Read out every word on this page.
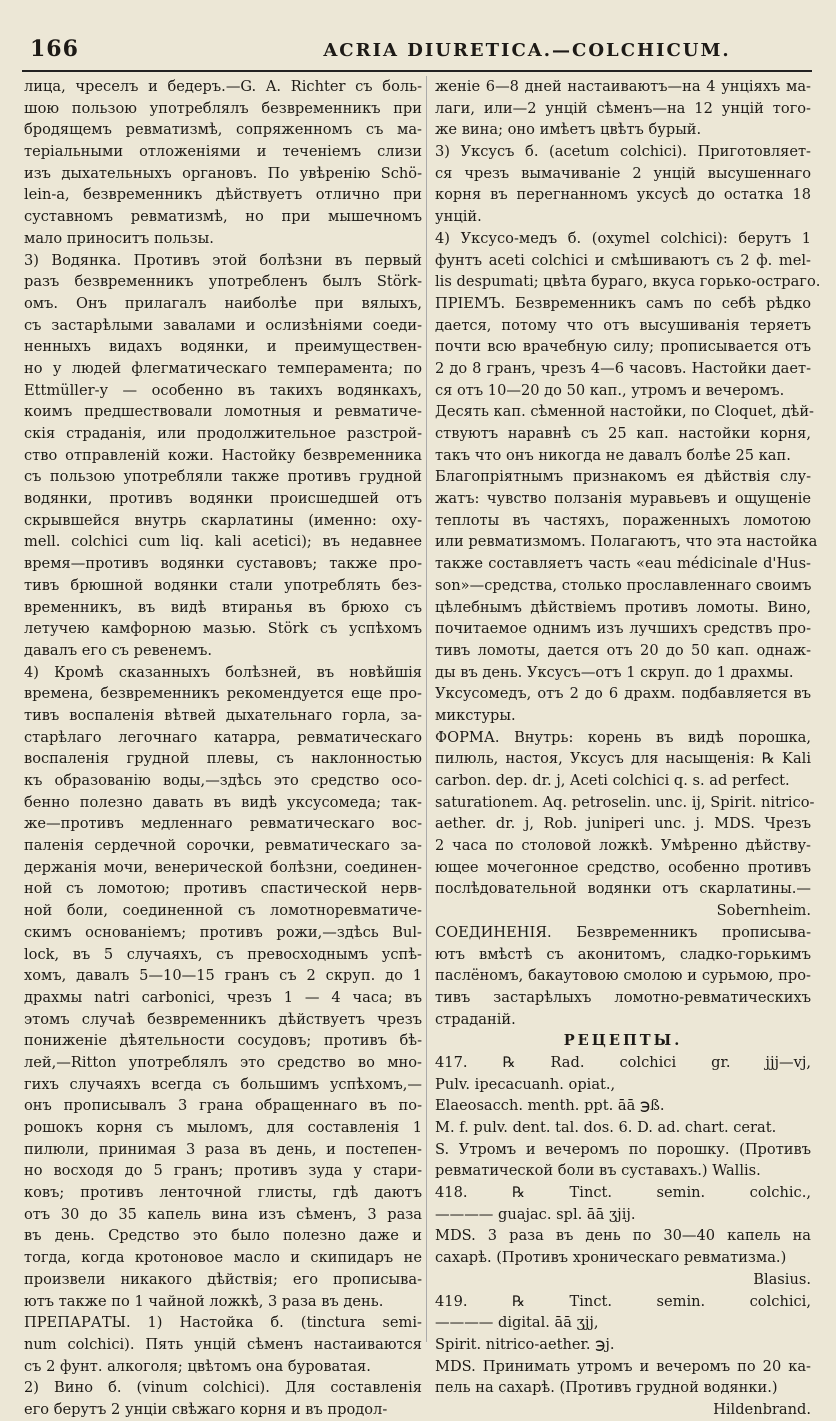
166	ACRIA DIURETICA.—COLCHICUM.
лица, чреселъ и бедеръ.—G. A. Richter съ боль-
шою пользою употреблялъ безвременникъ при
бродящемъ ревматизмѣ, сопряженномъ съ ма-
теріальными отложеніями и теченіемъ слизи
изъ дыхательныхъ органовъ. По увѣренію Schö-
lein-а, безвременникъ дѣйствуетъ отлично при
суставномъ ревматизмѣ, но при мышечномъ
мало приноситъ пользы.
3) Водянка. Противъ этой болѣзни въ первый
разъ безвременникъ употребленъ былъ Störk-
омъ. Онъ прилагалъ наиболѣе при вялыхъ,
съ застарѣлыми завалами и ослизѣніями соеди-
ненныхъ видахъ водянки, и преимуществен-
но у людей флегматическаго темперамента; по
Ettmüller-у — особенно въ такихъ водянкахъ,
коимъ предшествовали ломотныя и ревматиче-
скія страданія, или продолжительное разстрой-
ство отправленій кожи. Настойку безвременника
съ пользою употребляли также противъ грудной
водянки, противъ водянки происшедшей отъ
скрывшейся внутрь скарлатины (именно: оху-
mell. colchici cum liq. kali acetici); въ недавнее
время—противъ водянки суставовъ; также про-
тивъ брюшной водянки стали употреблять без-
временникъ, въ видѣ втиранья въ брюхо съ
летучею камфорною мазью. Störk съ успѣхомъ
давалъ его съ ревенемъ.
4) Кромѣ сказанныхъ болѣзней, въ новѣйшія
времена, безвременникъ рекомендуется еще про-
тивъ воспаленія вѣтвей дыхательнаго горла, за-
старѣлаго легочнаго катарра, ревматическаго
воспаленія грудной плевы, съ наклонностью
къ образованію воды,—здѣсь это средство осо-
бенно полезно давать въ видѣ уксусомеда; так-
же—противъ медленнаго ревматическаго вос-
паленія сердечной сорочки, ревматическаго за-
держанія мочи, венерической болѣзни, соединен-
ной съ ломотою; противъ спастической нерв-
ной боли, соединенной съ ломотноревматиче-
скимъ основаніемъ; противъ рожи,—здѣсь Bul-
lock, въ 5 случаяхъ, съ превосходнымъ успѣ-
хомъ, давалъ 5—10—15 гранъ съ 2 скруп. до 1
драхмы natri carbonici, чрезъ 1 — 4 часа; въ
этомъ случаѣ безвременникъ дѣйствуетъ чрезъ
пониженіе дѣятельности сосудовъ; противъ бѣ-
лей,—Ritton употреблялъ это средство во мно-
гихъ случаяхъ всегда съ большимъ успѣхомъ,—
онъ прописывалъ 3 грана обращеннаго въ по-
рошокъ корня съ мыломъ, для составленія 1
пилюли, принимая 3 раза въ день, и постепен-
но восходя до 5 гранъ; противъ зуда у стари-
ковъ; противъ ленточной глисты, гдѣ даютъ
отъ 30 до 35 капель вина изъ сѣменъ, 3 раза
въ день. Средство это было полезно даже и
тогда, когда кротоновое масло и скипидаръ не
произвели никакого дѣйствія; его прописыва-
ютъ также по 1 чайной ложкѣ, 3 раза въ день.
ПРЕПАРАТЫ. 1) Настойка б. (tinctura semi-
num colchici). Пять унцій сѣменъ настаиваются
съ 2 фунт. алкоголя; цвѣтомъ она буроватая.
2) Вино б. (vinum colchici). Для составленія
его берутъ 2 унціи свѣжаго корня и въ продол-
женіе 6—8 дней настаиваютъ—на 4 унціяхъ ма-
лаги, или—2 унцій сѣменъ—на 12 унцій того-
же вина; оно имѣетъ цвѣтъ бурый.
3) Уксусъ б. (acetum colchici). Приготовляет-
ся чрезъ вымачиваніе 2 унцій высушеннаго
корня въ перегнанномъ уксусѣ до остатка 18
унцій.
4) Уксусо-медъ б. (oxymel colchici): берутъ 1
фунтъ aceti colchici и смѣшиваютъ съ 2 ф. mel-
lis despumati; цвѣта бураго, вкуса горько-остраго.
ПРІЕМЪ. Безвременникъ самъ по себѣ рѣдко
дается, потому что отъ высушиванія теряетъ
почти всю врачебную силу; прописывается отъ
2 до 8 гранъ, чрезъ 4—6 часовъ. Настойки дает-
ся отъ 10—20 до 50 кап., утромъ и вечеромъ.
Десять кап. сѣменной настойки, по Cloquet, дѣй-
ствуютъ наравнѣ съ 25 кап. настойки корня,
такъ что онъ никогда не давалъ болѣе 25 кап.
Благопріятнымъ признакомъ ея дѣйствія слу-
жатъ: чувство ползанія муравьевъ и ощущеніе
теплоты въ частяхъ, пораженныхъ ломотою
или ревматизмомъ. Полагаютъ, что эта настойка
также составляетъ часть «eau médicinale d'Hus-
son»—средства, столько прославленнаго своимъ
цѣлебнымъ дѣйствіемъ противъ ломоты. Вино,
почитаемое однимъ изъ лучшихъ средствъ про-
тивъ ломоты, дается отъ 20 до 50 кап. однаж-
ды въ день. Уксусъ—отъ 1 скруп. до 1 драхмы.
Уксусомедъ, отъ 2 до 6 драхм. подбавляется въ
микстуры.
ФОРМА. Внутрь: корень въ видѣ порошка,
пилюль, настоя, Уксусъ для насыщенія: ℞ Kali
carbon. dep. dr. j, Aceti colchici q. s. ad perfect.
saturationem. Aq. petroselin. unc. ij, Spirit. nitrico-
aether. dr. j, Rob. juniperi unc. j. MDS. Чрезъ
2 часа по столовой ложкѣ. Умѣренно дѣйству-
ющее мочегонное средство, особенно противъ
послѣдовательной водянки отъ скарлатины.—
Sobernheim.
СОЕДИНЕНІЯ. Безвременникъ прописыва-
ютъ вмѣстѣ съ аконитомъ, сладко-горькимъ
паслёномъ, бакаутовою смолою и сурьмою, про-
тивъ застарѣлыхъ ломотно-ревматическихъ
страданій.
РЕЦЕПТЫ.
417. ℞ Rad. colchici gr. jjj—vj,
Pulv. ipecacuanh. opiat.,
Elaeosacch. menth. ppt. āā ℈ß.
M. f. pulv. dent. tal. dos. 6. D. ad. chart. cerat.
S. Утромъ и вечеромъ по порошку. (Противъ
ревматической боли въ суставахъ.) Wallis.
418. ℞ Tinct. semin. colchic.,
———— guajac. spl. āā ʒjij.
MDS. 3 раза въ день по 30—40 капель на
сахарѣ. (Противъ хроническаго ревматизма.)
Blasius.
419. ℞ Tinct. semin. colchici,
———— digital. āā ʒjj,
Spirit. nitrico-aether. ℈j.
MDS. Принимать утромъ и вечеромъ по 20 ка-
пель на сахарѣ. (Противъ грудной водянки.)
Hildenbrand.
